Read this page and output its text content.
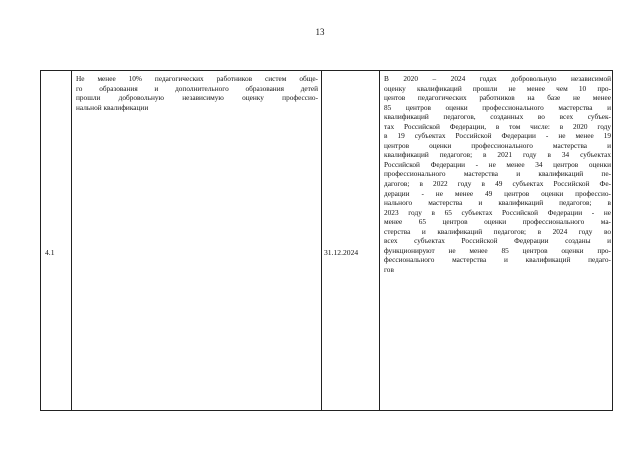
13
4.1
Не менее 10% педагогических работников систем обще-
го образования и дополнительного образования детей
прошли добровольную независимую оценку профессио-
нальной квалификации
31.12.2024
В 2020 – 2024 годах добровольную независимой
оценку квалификаций прошли не менее чем 10 про-
центов педагогических работников на базе не менее
85 центров оценки профессионального мастерства и
квалификаций педагогов, созданных во всех субъек-
тах Российской Федерации, в том числе: в 2020 году
в 19 субъектах Российской Федерации - не менее 19
центров оценки профессионального мастерства и
квалификаций педагогов; в 2021 году в 34 субъектах
Российской Федерации - не менее 34 центров оценки
профессионального мастерства и квалификаций пе-
дагогов; в 2022 году в 49 субъектах Российской Фе-
дерации - не менее 49 центров оценки профессио-
нального мастерства и квалификаций педагогов; в
2023 году в 65 субъектах Российской Федерации - не
менее 65 центров оценки профессионального ма-
стерства и квалификаций педагогов; в 2024 году во
всех субъектах Российской Федерации созданы и
функционируют не менее 85 центров оценки про-
фессионального мастерства и квалификаций педаго-
гов
